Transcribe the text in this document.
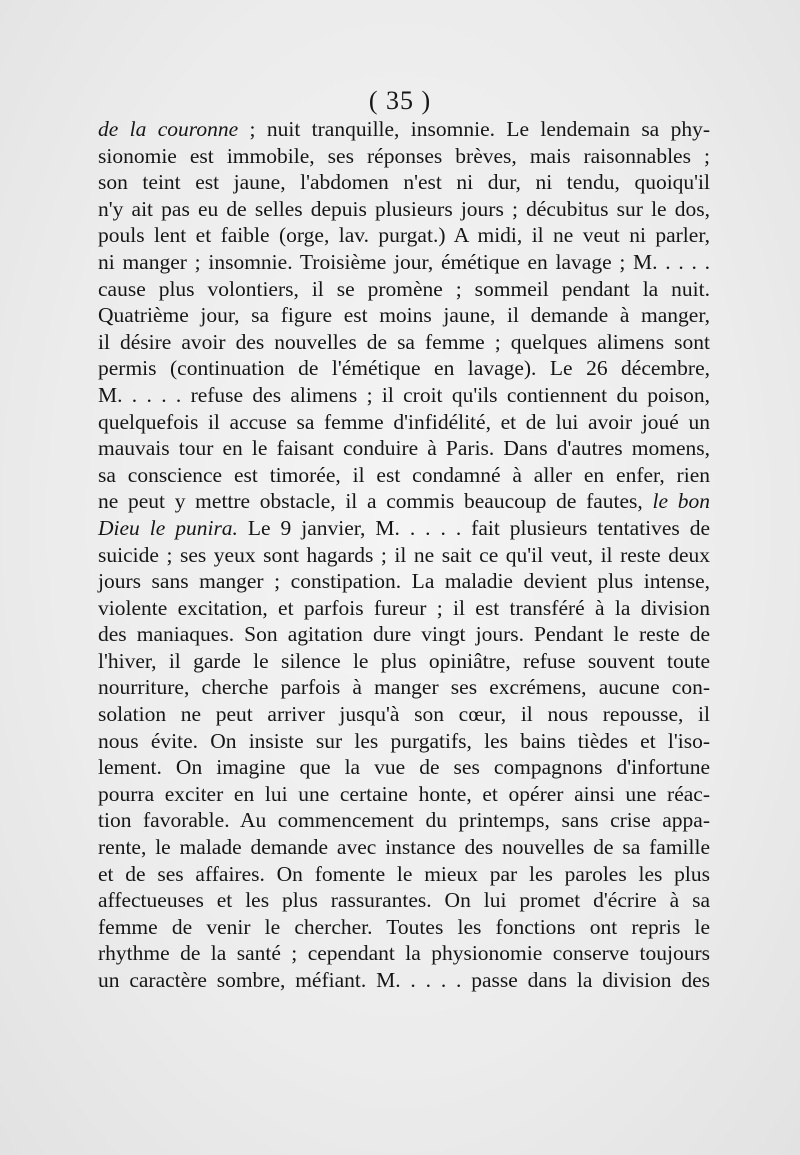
( 35 )
de la couronne ; nuit tranquille, insomnie. Le lendemain sa phy-
sionomie est immobile, ses réponses brèves, mais raisonnables ;
son teint est jaune, l'abdomen n'est ni dur, ni tendu, quoiqu'il
n'y ait pas eu de selles depuis plusieurs jours ; décubitus sur le dos,
pouls lent et faible (orge, lav. purgat.) A midi, il ne veut ni parler,
ni manger ; insomnie. Troisième jour, émétique en lavage ; M. . . . .
cause plus volontiers, il se promène ; sommeil pendant la nuit.
Quatrième jour, sa figure est moins jaune, il demande à manger,
il désire avoir des nouvelles de sa femme ; quelques alimens sont
permis (continuation de l'émétique en lavage). Le 26 décembre,
M. . . . . refuse des alimens ; il croit qu'ils contiennent du poison,
quelquefois il accuse sa femme d'infidélité, et de lui avoir joué un
mauvais tour en le faisant conduire à Paris. Dans d'autres momens,
sa conscience est timorée, il est condamné à aller en enfer, rien
ne peut y mettre obstacle, il a commis beaucoup de fautes, le bon
Dieu le punira. Le 9 janvier, M. . . . . fait plusieurs tentatives de
suicide ; ses yeux sont hagards ; il ne sait ce qu'il veut, il reste deux
jours sans manger ; constipation. La maladie devient plus intense,
violente excitation, et parfois fureur ; il est transféré à la division
des maniaques. Son agitation dure vingt jours. Pendant le reste de
l'hiver, il garde le silence le plus opiniâtre, refuse souvent toute
nourriture, cherche parfois à manger ses excrémens, aucune con-
solation ne peut arriver jusqu'à son cœur, il nous repousse, il
nous évite. On insiste sur les purgatifs, les bains tièdes et l'iso-
lement. On imagine que la vue de ses compagnons d'infortune
pourra exciter en lui une certaine honte, et opérer ainsi une réac-
tion favorable. Au commencement du printemps, sans crise appa-
rente, le malade demande avec instance des nouvelles de sa famille
et de ses affaires. On fomente le mieux par les paroles les plus
affectueuses et les plus rassurantes. On lui promet d'écrire à sa
femme de venir le chercher. Toutes les fonctions ont repris le
rhythme de la santé ; cependant la physionomie conserve toujours
un caractère sombre, méfiant. M. . . . . passe dans la division des
